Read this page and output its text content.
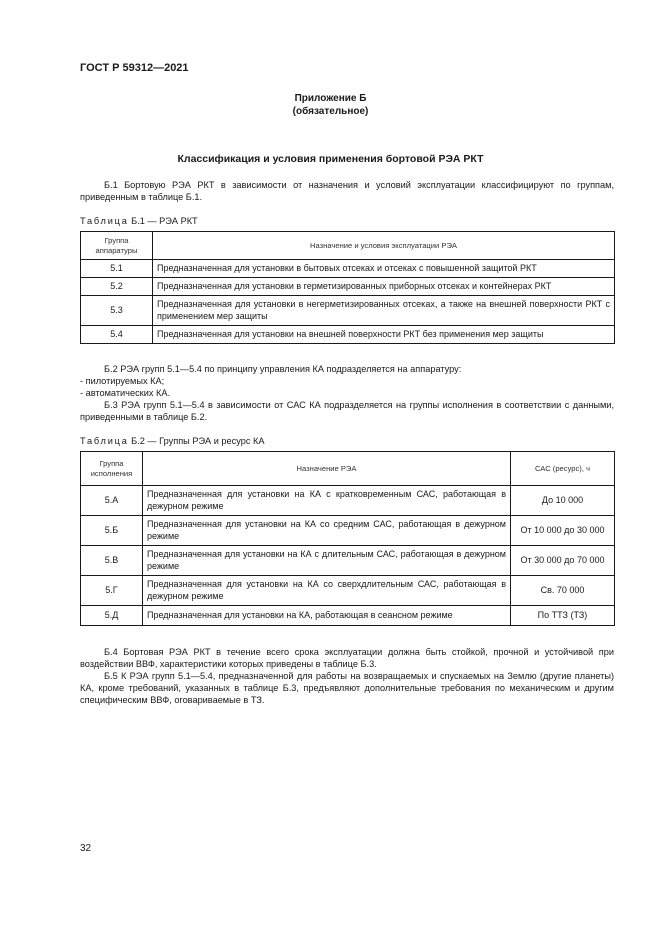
ГОСТ Р 59312—2021
Приложение Б
(обязательное)
Классификация и условия применения бортовой РЭА РКТ
Б.1 Бортовую РЭА РКТ в зависимости от назначения и условий эксплуатации классифицируют по группам, приведенным в таблице Б.1.
Таблица Б.1 — РЭА РКТ
Группа аппаратуры	Назначение и условия эксплуатации РЭА
5.1	Предназначенная для установки в бытовых отсеках и отсеках с повышенной защитой РКТ
5.2	Предназначенная для установки в герметизированных приборных отсеках и контейнерах РКТ
5.3	Предназначенная для установки в негерметизированных отсеках, а также на внешней поверхности РКТ с применением мер защиты
5.4	Предназначенная для установки на внешней поверхности РКТ без применения мер защиты
Б.2 РЭА групп 5.1—5.4 по принципу управления КА подразделяется на аппаратуру:
- пилотируемых КА;
- автоматических КА.
Б.3 РЭА групп 5.1—5.4 в зависимости от САС КА подразделяется на группы исполнения в соответствии с данными, приведенными в таблице Б.2.
Таблица Б.2 — Группы РЭА и ресурс КА
Группа исполнения	Назначение РЭА	САС (ресурс), ч
5.А	Предназначенная для установки на КА с кратковременным САС, работающая в дежурном режиме	До 10 000
5.Б	Предназначенная для установки на КА со средним САС, работающая в дежурном режиме	От 10 000 до 30 000
5.В	Предназначенная для установки на КА с длительным САС, работающая в дежурном режиме	От 30 000 до 70 000
5.Г	Предназначенная для установки на КА со сверхдлительным САС, работающая в дежурном режиме	Св. 70 000
5.Д	Предназначенная для установки на КА, работающая в сеансном режиме	По ТТЗ (ТЗ)
Б.4 Бортовая РЭА РКТ в течение всего срока эксплуатации должна быть стойкой, прочной и устойчивой при воздействии ВВФ, характеристики которых приведены в таблице Б.3.
Б.5 К РЭА групп 5.1—5.4, предназначенной для работы на возвращаемых и спускаемых на Землю (другие планеты) КА, кроме требований, указанных в таблице Б.3, предъявляют дополнительные требования по механическим и другим специфическим ВВФ, оговариваемые в ТЗ.
32
